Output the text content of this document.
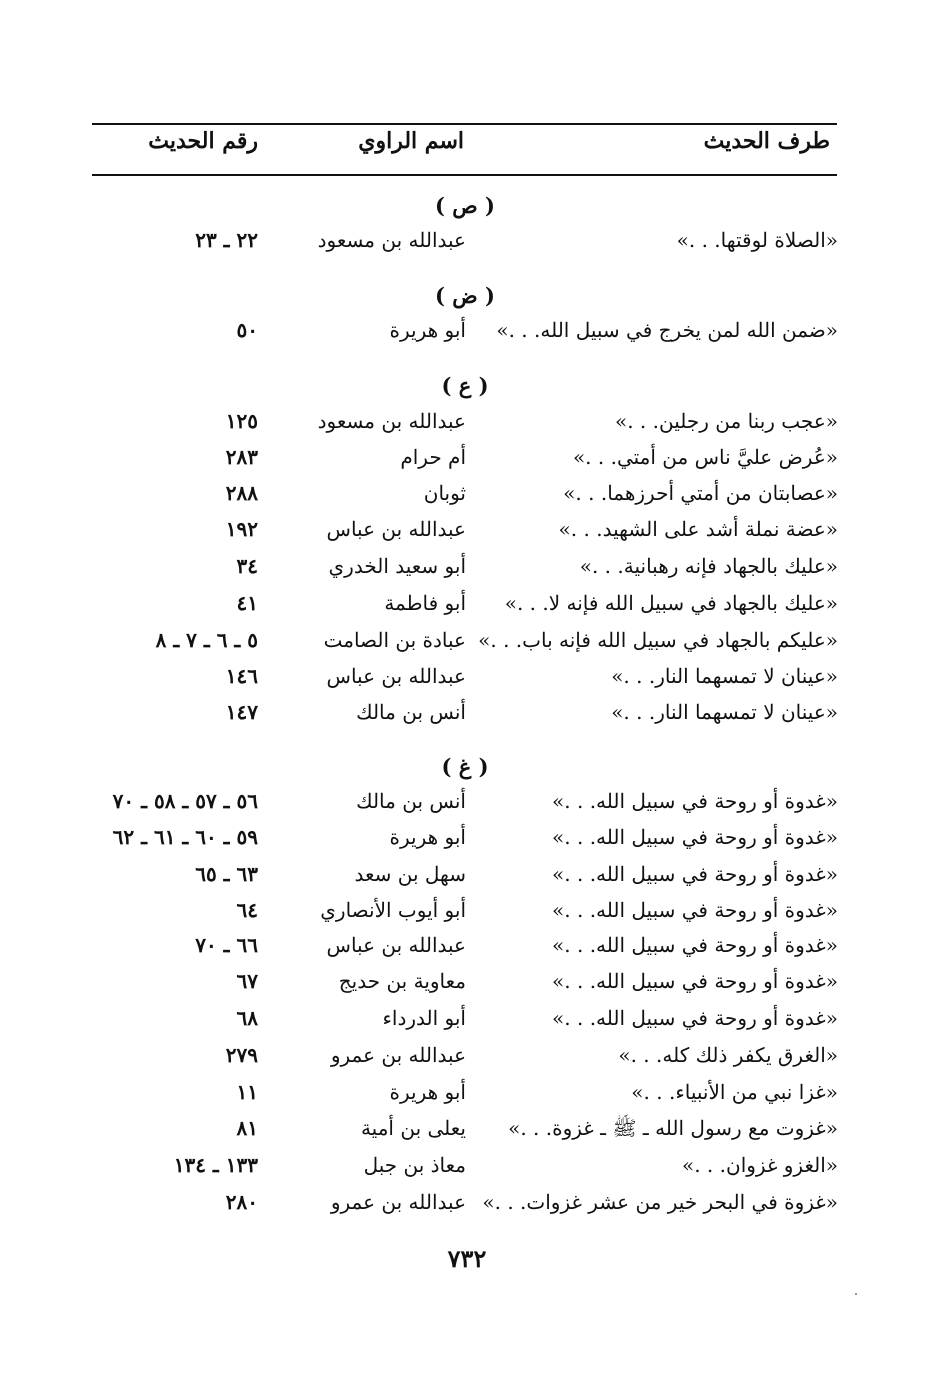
طرف الحديث
اسم الراوي
رقم الحديث
( ص )
«الصلاة لوقتها. . .»
عبدالله بن مسعود
٢٢ ـ ٢٣
( ض )
«ضمن الله لمن يخرج في سبيل الله. . .»
أبو هريرة
٥٠
( ع )
«عجب ربنا من رجلين. . .»
عبدالله بن مسعود
١٢٥
«عُرض عليَّ ناس من أمتي. . .»
أم حرام
٢٨٣
«عصابتان من أمتي أحرزهما. . .»
ثوبان
٢٨٨
«عضة نملة أشد على الشهيد. . .»
عبدالله بن عباس
١٩٢
«عليك بالجهاد فإنه رهبانية. . .»
أبو سعيد الخدري
٣٤
«عليك بالجهاد في سبيل الله فإنه لا. . .»
أبو فاطمة
٤١
«عليكم بالجهاد في سبيل الله فإنه باب. . .»
عبادة بن الصامت
٥ ـ ٦ ـ ٧ ـ ٨
«عينان لا تمسهما النار. . .»
عبدالله بن عباس
١٤٦
«عينان لا تمسهما النار. . .»
أنس بن مالك
١٤٧
( غ )
«غدوة أو روحة في سبيل الله. . .»
أنس بن مالك
٥٦ ـ ٥٧ ـ ٥٨ ـ ٧٠
«غدوة أو روحة في سبيل الله. . .»
أبو هريرة
٥٩ ـ ٦٠ ـ ٦١ ـ ٦٢
«غدوة أو روحة في سبيل الله. . .»
سهل بن سعد
٦٣ ـ ٦٥
«غدوة أو روحة في سبيل الله. . .»
أبو أيوب الأنصاري
٦٤
«غدوة أو روحة في سبيل الله. . .»
عبدالله بن عباس
٦٦ ـ ٧٠
«غدوة أو روحة في سبيل الله. . .»
معاوية بن حديج
٦٧
«غدوة أو روحة في سبيل الله. . .»
أبو الدرداء
٦٨
«الغرق يكفر ذلك كله. . .»
عبدالله بن عمرو
٢٧٩
«غزا نبي من الأنبياء. . .»
أبو هريرة
١١
«غزوت مع رسول الله ـ ﷺ ـ غزوة. . .»
يعلى بن أمية
٨١
«الغزو غزوان. . .»
معاذ بن جبل
١٣٣ ـ ١٣٤
«غزوة في البحر خير من عشر غزوات. . .»
عبدالله بن عمرو
٢٨٠
٧٣٢
